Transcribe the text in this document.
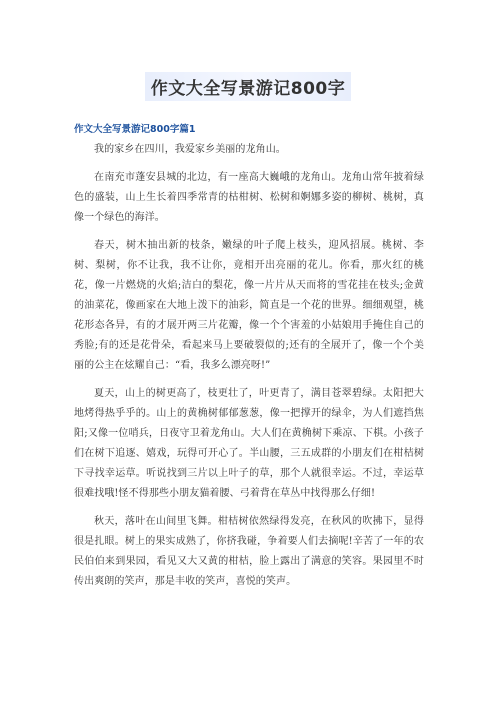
作文大全写景游记800字
作文大全写景游记800字篇1

我的家乡在四川，我爱家乡美丽的龙角山。

在南充市蓬安县城的北边，有一座高大巍峨的龙角山。龙角山常年披着绿色的盛装，山上生长着四季常青的枯柑树、松树和婀娜多姿的柳树、桃树，真像一个绿色的海洋。

春天，树木抽出新的枝条，嫩绿的叶子爬上枝头，迎风招展。桃树、李树、梨树，你不让我，我不让你，竟相开出亮丽的花儿。你看，那火红的桃花，像一片燃烧的火焰;洁白的梨花，像一片片从天而将的雪花挂在枝头;金黄的油菜花，像画家在大地上泼下的油彩，简直是一个花的世界。细细观望，桃花形态各异，有的才展开两三片花瓣，像一个个害羞的小姑娘用手掩住自己的秀脸;有的还是花骨朵，看起来马上要破裂似的;还有的全展开了，像一个个美丽的公主在炫耀自己：“看，我多么漂亮呀!”

夏天，山上的树更高了，枝更壮了，叶更青了，满目苍翠碧绿。太阳把大地烤得热乎乎的。山上的黄桷树郁郁葱葱，像一把撑开的绿伞，为人们遮挡焦阳;又像一位哨兵，日夜守卫着龙角山。大人们在黄桷树下乘凉、下棋。小孩子们在树下追逐、嬉戏，玩得可开心了。半山腰，三五成群的小朋友们在柑桔树下寻找幸运草。听说找到三片以上叶子的草，那个人就很幸运。不过，幸运草很难找哦!怪不得那些小朋友猫着腰、弓着背在草丛中找得那么仔细!

秋天，落叶在山间里飞舞。柑桔树依然绿得发亮，在秋风的吹拂下，显得很是扎眼。树上的果实成熟了，你挤我碰，争着要人们去摘呢!辛苦了一年的农民伯伯来到果园，看见又大又黄的柑桔，脸上露出了满意的笑容。果园里不时传出爽朗的笑声，那是丰收的笑声，喜悦的笑声。
